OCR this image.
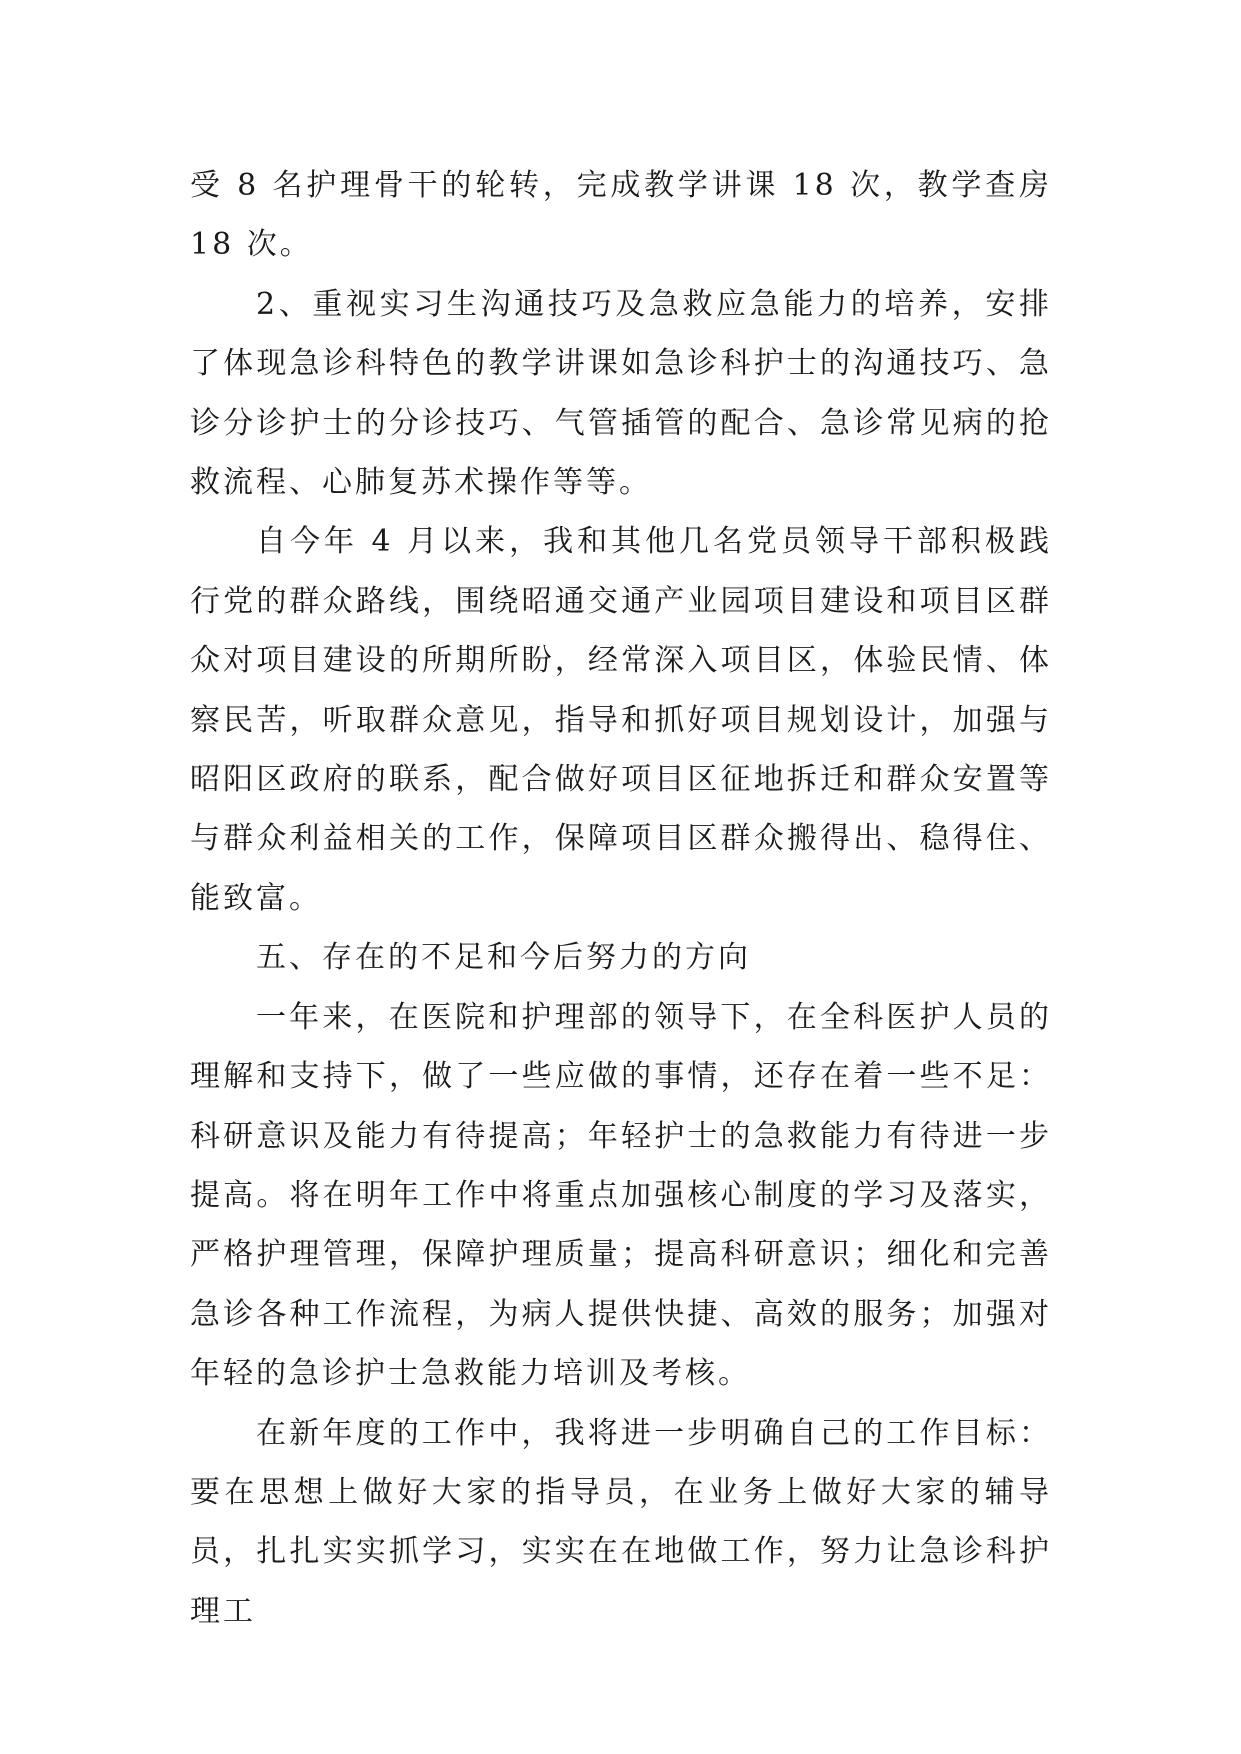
受 8 名护理骨干的轮转，完成教学讲课 18 次，教学查房 18 次。

2、重视实习生沟通技巧及急救应急能力的培养，安排了体现急诊科特色的教学讲课如急诊科护士的沟通技巧、急诊分诊护士的分诊技巧、气管插管的配合、急诊常见病的抢救流程、心肺复苏术操作等等。

自今年 4 月以来，我和其他几名党员领导干部积极践行党的群众路线，围绕昭通交通产业园项目建设和项目区群众对项目建设的所期所盼，经常深入项目区，体验民情、体察民苦，听取群众意见，指导和抓好项目规划设计，加强与昭阳区政府的联系，配合做好项目区征地拆迁和群众安置等与群众利益相关的工作，保障项目区群众搬得出、稳得住、能致富。

五、存在的不足和今后努力的方向

一年来，在医院和护理部的领导下，在全科医护人员的理解和支持下，做了一些应做的事情，还存在着一些不足：科研意识及能力有待提高；年轻护士的急救能力有待进一步提高。将在明年工作中将重点加强核心制度的学习及落实，严格护理管理，保障护理质量；提高科研意识；细化和完善急诊各种工作流程，为病人提供快捷、高效的服务；加强对年轻的急诊护士急救能力培训及考核。

在新年度的工作中，我将进一步明确自己的工作目标：要在思想上做好大家的指导员，在业务上做好大家的辅导员，扎扎实实抓学习，实实在在地做工作，努力让急诊科护理工
